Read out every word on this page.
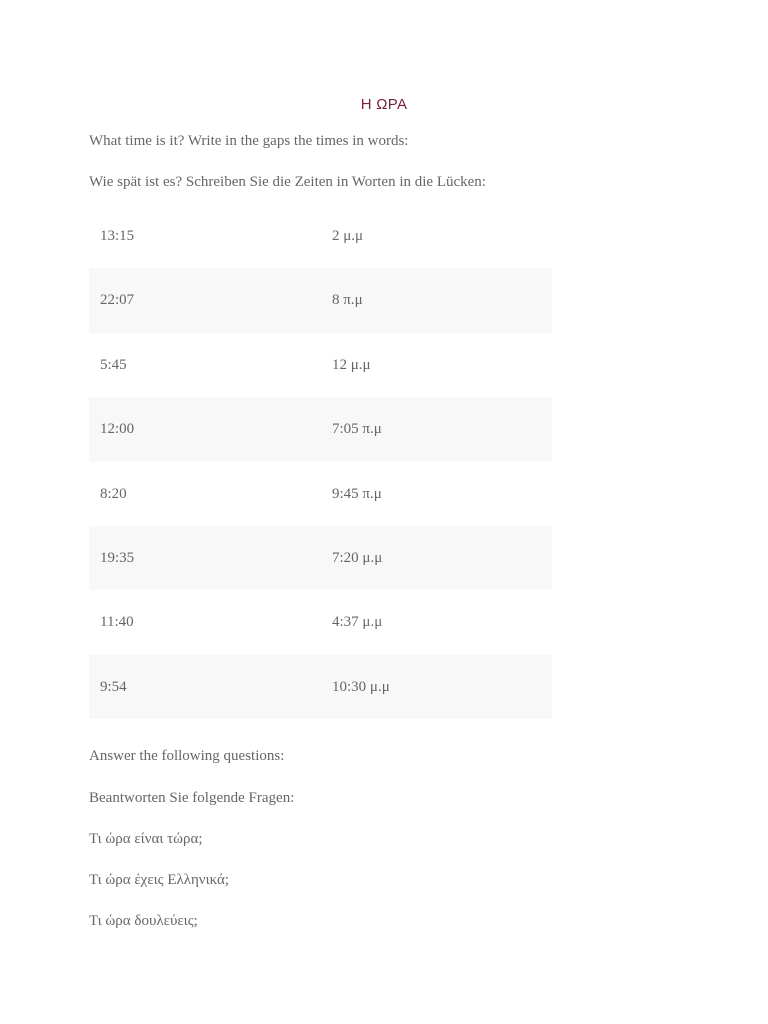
Η ΩΡΑ
What time is it? Write in the gaps the times in words:
Wie spät ist es? Schreiben Sie die Zeiten in Worten in die Lücken:
13:15	2 μ.μ
22:07	8 π.μ
5:45	12 μ.μ
12:00	7:05 π.μ
8:20	9:45 π.μ
19:35	7:20 μ.μ
11:40	4:37 μ.μ
9:54	10:30 μ.μ
Answer the following questions:
Beantworten Sie folgende Fragen:
Τι ώρα είναι τώρα;
Τι ώρα έχεις Ελληνικά;
Τι ώρα δουλεύεις;
